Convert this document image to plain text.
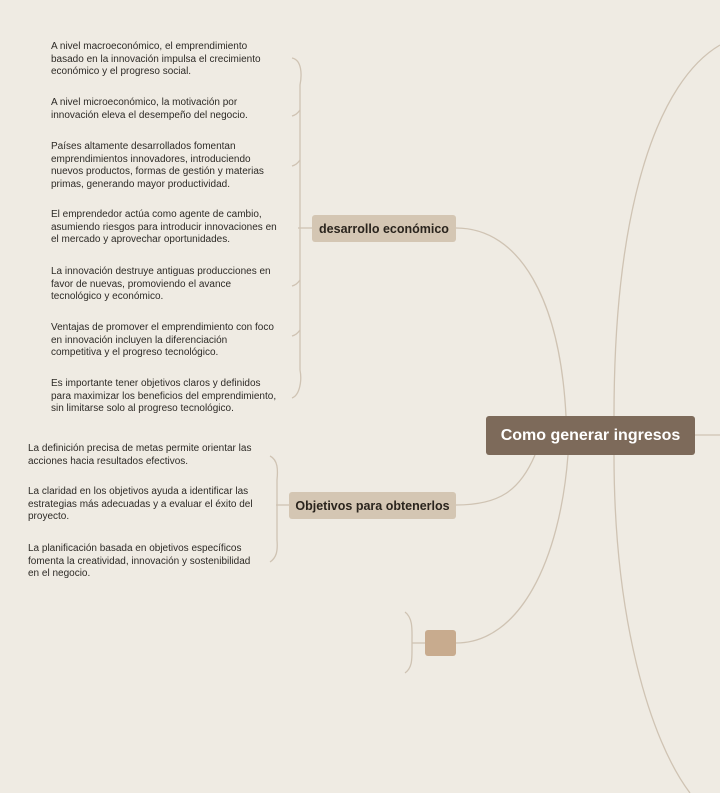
A nivel macroeconómico, el emprendimiento
basado en la innovación impulsa el crecimiento
económico y el progreso social.
A nivel microeconómico, la motivación por
innovación eleva el desempeño del negocio.
Países altamente desarrollados fomentan
emprendimientos innovadores, introduciendo
nuevos productos, formas de gestión y materias
primas, generando mayor productividad.
El emprendedor actúa como agente de cambio,
asumiendo riesgos para introducir innovaciones en
el mercado y aprovechar oportunidades.
La innovación destruye antiguas producciones en
favor de nuevas, promoviendo el avance
tecnológico y económico.
Ventajas de promover el emprendimiento con foco
en innovación incluyen la diferenciación
competitiva y el progreso tecnológico.
Es importante tener objetivos claros y definidos
para maximizar los beneficios del emprendimiento,
sin limitarse solo al progreso tecnológico.
La definición precisa de metas permite orientar las
acciones hacia resultados efectivos.
La claridad en los objetivos ayuda a identificar las
estrategias más adecuadas y a evaluar el éxito del
proyecto.
La planificación basada en objetivos específicos
fomenta la creatividad, innovación y sostenibilidad
en el negocio.
desarrollo económico
Objetivos para obtenerlos
Como generar ingresos
